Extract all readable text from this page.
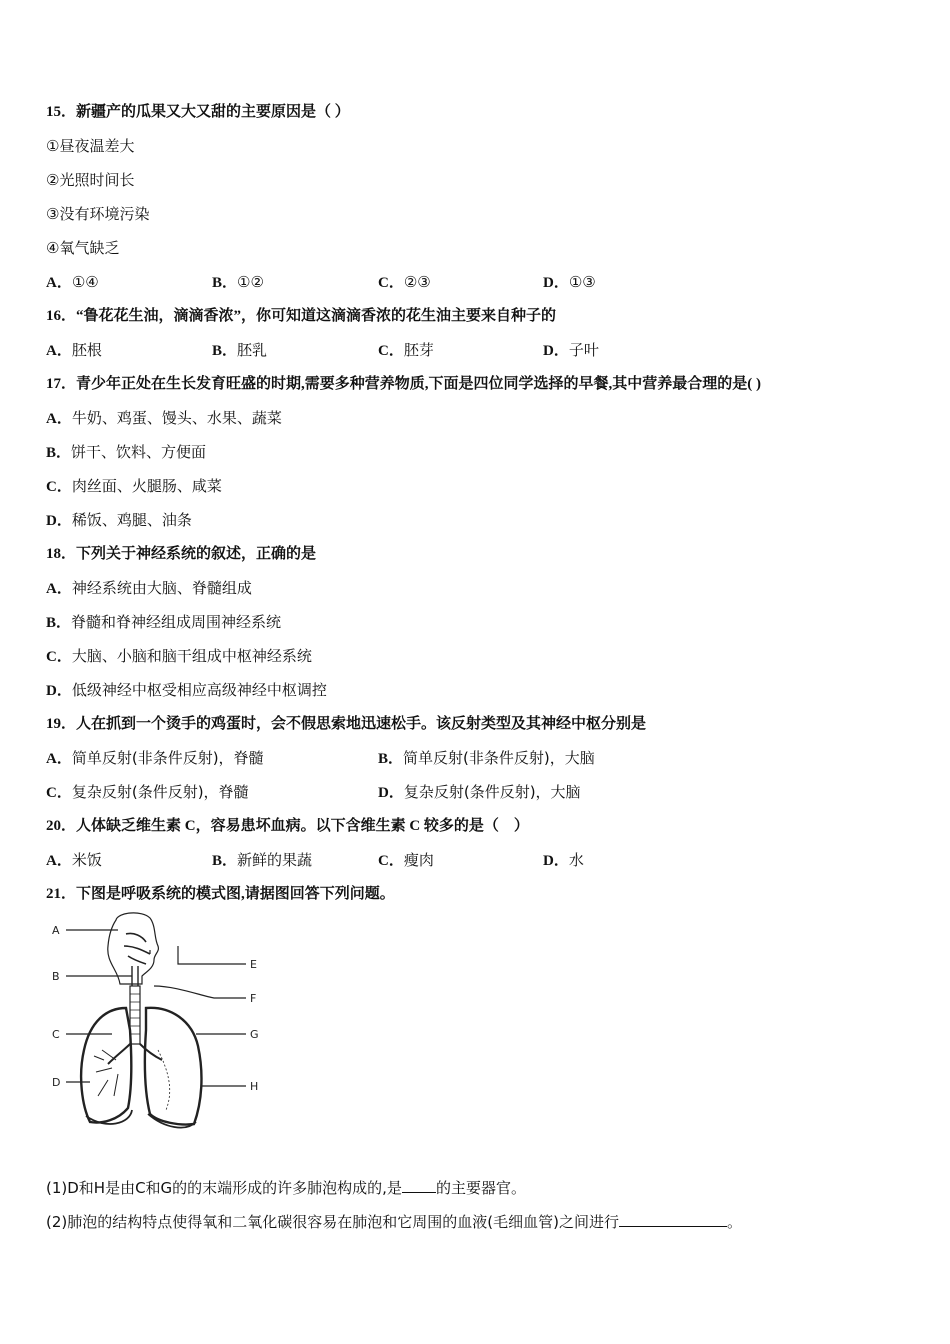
15．新疆产的瓜果又大又甜的主要原因是（ ）
①昼夜温差大
②光照时间长
③没有环境污染
④氧气缺乏
A．①④	B．①②	C．②③	D．①③
16．“鲁花花生油，滴滴香浓”，你可知道这滴滴香浓的花生油主要来自种子的
A．胚根	B．胚乳	C．胚芽	D．子叶
17．青少年正处在生长发育旺盛的时期,需要多种营养物质,下面是四位同学选择的早餐,其中营养最合理的是( )
A．牛奶、鸡蛋、馒头、水果、蔬菜
B．饼干、饮料、方便面
C．肉丝面、火腿肠、咸菜
D．稀饭、鸡腿、油条
18．下列关于神经系统的叙述，正确的是
A．神经系统由大脑、脊髓组成
B．脊髓和脊神经组成周围神经系统
C．大脑、小脑和脑干组成中枢神经系统
D．低级神经中枢受相应高级神经中枢调控
19．人在抓到一个烫手的鸡蛋时，会不假思索地迅速松手。该反射类型及其神经中枢分别是
A．简单反射(非条件反射)，脊髓	B．简单反射(非条件反射)，大脑
C．复杂反射(条件反射)，脊髓	D．复杂反射(条件反射)，大脑
20．人体缺乏维生素 C，容易患坏血病。以下含维生素 C 较多的是（　）
A．米饭	B．新鲜的果蔬	C．瘦肉	D．水
21．下图是呼吸系统的模式图,请据图回答下列问题。
A
B
C
D
E
F
G
H
(1)D和H是由C和G的的末端形成的许多肺泡构成的,是 的主要器官。
(2)肺泡的结构特点使得氧和二氧化碳很容易在肺泡和它周围的血液(毛细血管)之间进行	。
